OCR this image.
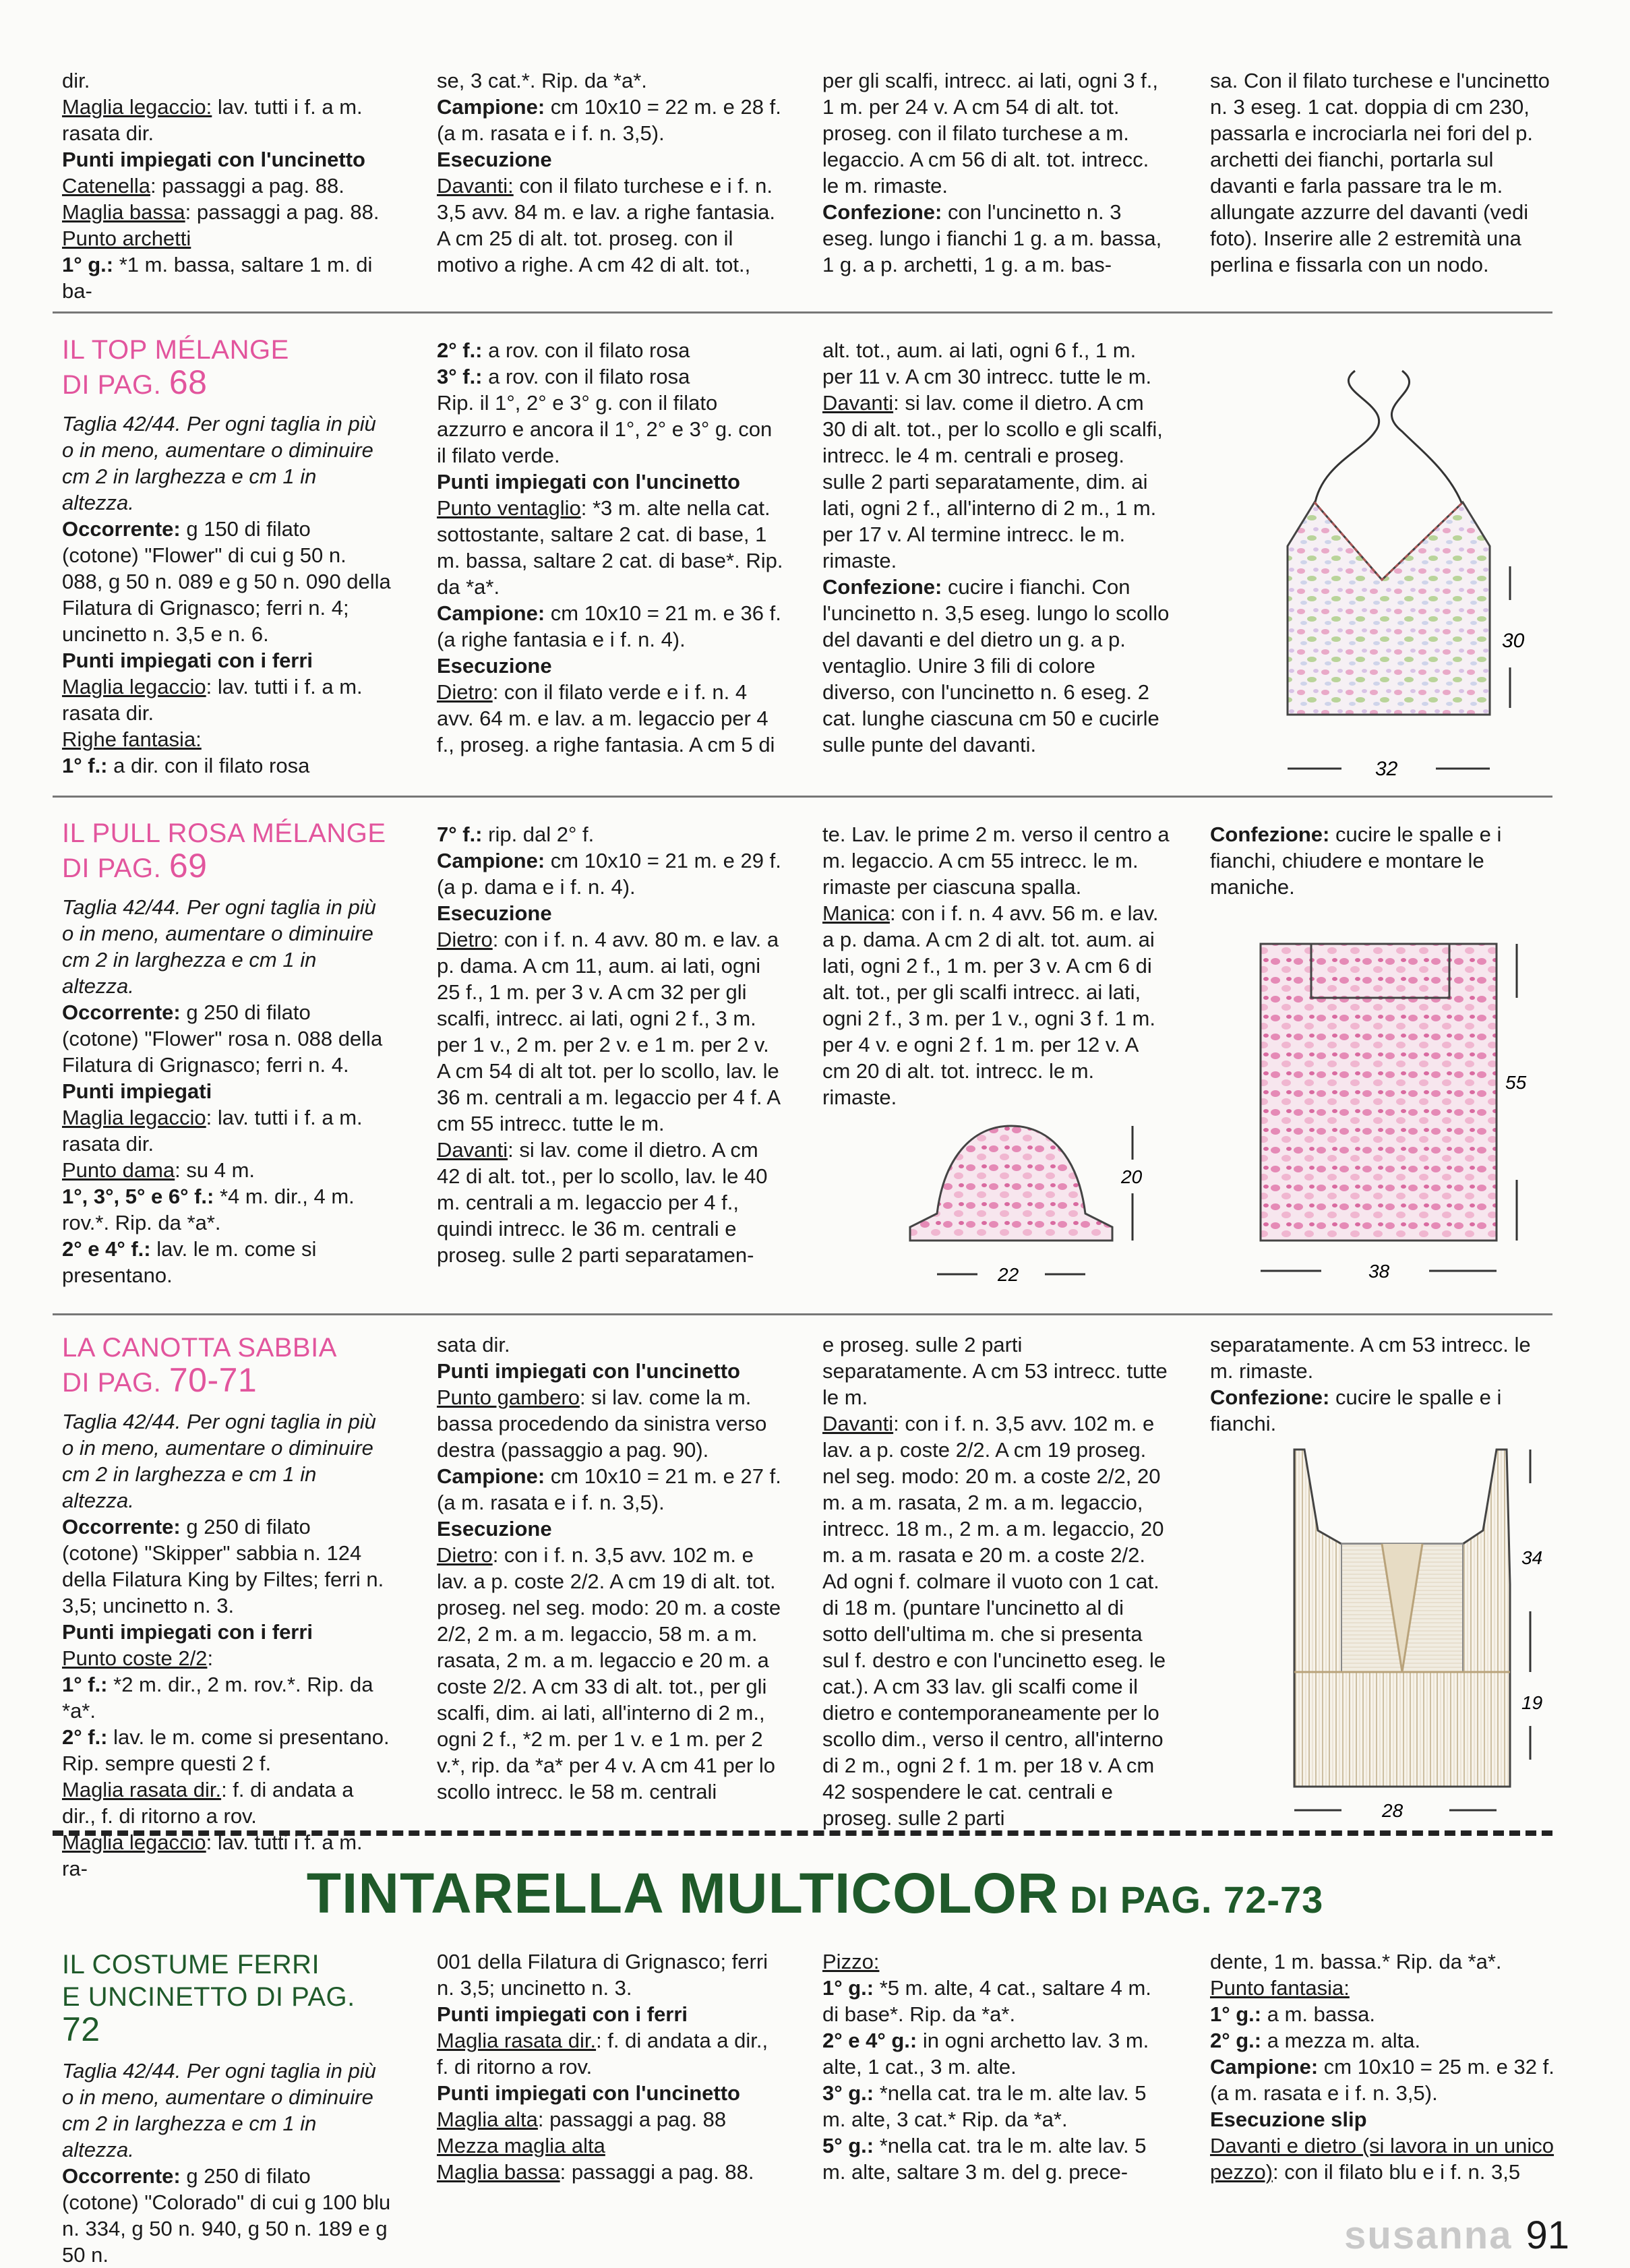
dir.

Maglia legaccio: lav. tutti i f. a m. rasata dir.

Punti impiegati con l'uncinetto

Catenella: passaggi a pag. 88.

Maglia bassa: passaggi a pag. 88.

Punto archetti

1° g.: *1 m. bassa, saltare 1 m. di ba-

se, 3 cat.*. Rip. da *a*.

Campione: cm 10x10 = 22 m. e 28 f. (a m. rasata e i f. n. 3,5).

Esecuzione

Davanti: con il filato turchese e i f. n. 3,5 avv. 84 m. e lav. a righe fantasia. A cm 25 di alt. tot. proseg. con il motivo a righe. A cm 42 di alt. tot.,

per gli scalfi, intrecc. ai lati, ogni 3 f., 1 m. per 24 v. A cm 54 di alt. tot. proseg. con il filato turchese a m. legaccio. A cm 56 di alt. tot. intrecc. le m. rimaste.

Confezione: con l'uncinetto n. 3 eseg. lungo i fianchi 1 g. a m. bassa, 1 g. a p. archetti, 1 g. a m. bas-

sa. Con il filato turchese e l'uncinetto n. 3 eseg. 1 cat. doppia di cm 230, passarla e incrociarla nei fori del p. archetti dei fianchi, portarla sul davanti e farla passare tra le m. allungate azzurre del davanti (vedi foto). Inserire alle 2 estremità una perlina e fissarla con un nodo.

IL TOP MÉLANGE
DI PAG. 68

Taglia 42/44. Per ogni taglia in più o in meno, aumentare o diminuire cm 2 in larghezza e cm 1 in altezza.

Occorrente: g 150 di filato (cotone) "Flower" di cui g 50 n. 088, g 50 n. 089 e g 50 n. 090 della Filatura di Grignasco; ferri n. 4; uncinetto n. 3,5 e n. 6.

Punti impiegati con i ferri

Maglia legaccio: lav. tutti i f. a m. rasata dir.

Righe fantasia:

1° f.: a dir. con il filato rosa

2° f.: a rov. con il filato rosa

3° f.: a rov. con il filato rosa

Rip. il 1°, 2° e 3° g. con il filato azzurro e ancora il 1°, 2° e 3° g. con il filato verde.

Punti impiegati con l'uncinetto

Punto ventaglio: *3 m. alte nella cat. sottostante, saltare 2 cat. di base, 1 m. bassa, saltare 2 cat. di base*. Rip. da *a*.

Campione: cm 10x10 = 21 m. e 36 f. (a righe fantasia e i f. n. 4).

Esecuzione

Dietro: con il filato verde e i f. n. 4 avv. 64 m. e lav. a m. legaccio per 4 f., proseg. a righe fantasia. A cm 5 di

alt. tot., aum. ai lati, ogni 6 f., 1 m. per 11 v. A cm 30 intrecc. tutte le m.

Davanti: si lav. come il dietro. A cm 30 di alt. tot., per lo scollo e gli scalfi, intrecc. le 4 m. centrali e proseg. sulle 2 parti separatamente, dim. ai lati, ogni 2 f., all'interno di 2 m., 1 m. per 17 v. Al termine intrecc. le m. rimaste.

Confezione: cucire i fianchi. Con l'uncinetto n. 3,5 eseg. lungo lo scollo del davanti e del dietro un g. a p. ventaglio. Unire 3 fili di colore diverso, con l'uncinetto n. 6 eseg. 2 cat. lunghe ciascuna cm 50 e cucirle sulle punte del davanti.

30
32
IL PULL ROSA MÉLANGE
DI PAG. 69

Taglia 42/44. Per ogni taglia in più o in meno, aumentare o diminuire cm 2 in larghezza e cm 1 in altezza.

Occorrente: g 250 di filato (cotone) "Flower" rosa n. 088 della Filatura di Grignasco; ferri n. 4.

Punti impiegati

Maglia legaccio: lav. tutti i f. a m. rasata dir.

Punto dama: su 4 m.

1°, 3°, 5° e 6° f.: *4 m. dir., 4 m. rov.*. Rip. da *a*.

2° e 4° f.: lav. le m. come si presentano.

7° f.: rip. dal 2° f.

Campione: cm 10x10 = 21 m. e 29 f. (a p. dama e i f. n. 4).

Esecuzione

Dietro: con i f. n. 4 avv. 80 m. e lav. a p. dama. A cm 11, aum. ai lati, ogni 25 f., 1 m. per 3 v. A cm 32 per gli scalfi, intrecc. ai lati, ogni 2 f., 3 m. per 1 v., 2 m. per 2 v. e 1 m. per 2 v. A cm 54 di alt tot. per lo scollo, lav. le 36 m. centrali a m. legaccio per 4 f. A cm 55 intrecc. tutte le m.

Davanti: si lav. come il dietro. A cm 42 di alt. tot., per lo scollo, lav. le 40 m. centrali a m. legaccio per 4 f., quindi intrecc. le 36 m. centrali e proseg. sulle 2 parti separatamen-

te. Lav. le prime 2 m. verso il centro a m. legaccio. A cm 55 intrecc. le m. rimaste per ciascuna spalla.

Manica: con i f. n. 4 avv. 56 m. e lav. a p. dama. A cm 2 di alt. tot. aum. ai lati, ogni 2 f., 1 m. per 3 v. A cm 6 di alt. tot., per gli scalfi intrecc. ai lati, ogni 2 f., 3 m. per 1 v., ogni 3 f. 1 m. per 4 v. e ogni 2 f. 1 m. per 12 v. A cm 20 di alt. tot. intrecc. le m. rimaste.

Confezione: cucire le spalle e i fianchi, chiudere e montare le maniche.

20
22
55
38
LA CANOTTA SABBIA
DI PAG. 70-71

Taglia 42/44. Per ogni taglia in più o in meno, aumentare o diminuire cm 2 in larghezza e cm 1 in altezza.

Occorrente: g 250 di filato (cotone) "Skipper" sabbia n. 124 della Filatura King by Filtes; ferri n. 3,5; uncinetto n. 3.

Punti impiegati con i ferri

Punto coste 2/2:

1° f.: *2 m. dir., 2 m. rov.*. Rip. da *a*.

2° f.: lav. le m. come si presentano. Rip. sempre questi 2 f.

Maglia rasata dir.: f. di andata a dir., f. di ritorno a rov.

Maglia legaccio: lav. tutti i f. a m. ra-

sata dir.

Punti impiegati con l'uncinetto

Punto gambero: si lav. come la m. bassa procedendo da sinistra verso destra (passaggio a pag. 90).

Campione: cm 10x10 = 21 m. e 27 f. (a m. rasata e i f. n. 3,5).

Esecuzione

Dietro: con i f. n. 3,5 avv. 102 m. e lav. a p. coste 2/2. A cm 19 di alt. tot. proseg. nel seg. modo: 20 m. a coste 2/2, 2 m. a m. legaccio, 58 m. a m. rasata, 2 m. a m. legaccio e 20 m. a coste 2/2. A cm 33 di alt. tot., per gli scalfi, dim. ai lati, all'interno di 2 m., ogni 2 f., *2 m. per 1 v. e 1 m. per 2 v.*, rip. da *a* per 4 v. A cm 41 per lo scollo intrecc. le 58 m. centrali

e proseg. sulle 2 parti separatamente. A cm 53 intrecc. tutte le m.

Davanti: con i f. n. 3,5 avv. 102 m. e lav. a p. coste 2/2. A cm 19 proseg. nel seg. modo: 20 m. a coste 2/2, 20 m. a m. rasata, 2 m. a m. legaccio, intrecc. 18 m., 2 m. a m. legaccio, 20 m. a m. rasata e 20 m. a coste 2/2. Ad ogni f. colmare il vuoto con 1 cat. di 18 m. (puntare l'uncinetto al di sotto dell'ultima m. che si presenta sul f. destro e con l'uncinetto eseg. le cat.). A cm 33 lav. gli scalfi come il dietro e contemporaneamente per lo scollo dim., verso il centro, all'interno di 2 m., ogni 2 f. 1 m. per 18 v. A cm 42 sospendere le cat. centrali e proseg. sulle 2 parti

separatamente. A cm 53 intrecc. le m. rimaste.

Confezione: cucire le spalle e i fianchi.

34
19
28
TINTARELLA MULTICOLOR DI PAG. 72-73
IL COSTUME FERRI
E UNCINETTO DI PAG. 72

Taglia 42/44. Per ogni taglia in più o in meno, aumentare o diminuire cm 2 in larghezza e cm 1 in altezza.

Occorrente: g 250 di filato (cotone) "Colorado" di cui g 100 blu n. 334, g 50 n. 940, g 50 n. 189 e g 50 n.

001 della Filatura di Grignasco; ferri n. 3,5; uncinetto n. 3.

Punti impiegati con i ferri

Maglia rasata dir.: f. di andata a dir., f. di ritorno a rov.

Punti impiegati con l'uncinetto

Maglia alta: passaggi a pag. 88

Mezza maglia alta

Maglia bassa: passaggi a pag. 88.

Pizzo:

1° g.: *5 m. alte, 4 cat., saltare 4 m. di base*. Rip. da *a*.

2° e 4° g.: in ogni archetto lav. 3 m. alte, 1 cat., 3 m. alte.

3° g.: *nella cat. tra le m. alte lav. 5 m. alte, 3 cat.* Rip. da *a*.

5° g.: *nella cat. tra le m. alte lav. 5 m. alte, saltare 3 m. del g. prece-

dente, 1 m. bassa.* Rip. da *a*.

Punto fantasia:

1° g.: a m. bassa.

2° g.: a mezza m. alta.

Campione: cm 10x10 = 25 m. e 32 f. (a m. rasata e i f. n. 3,5).

Esecuzione slip

Davanti e dietro (si lavora in un unico pezzo): con il filato blu e i f. n. 3,5

susanna 91
